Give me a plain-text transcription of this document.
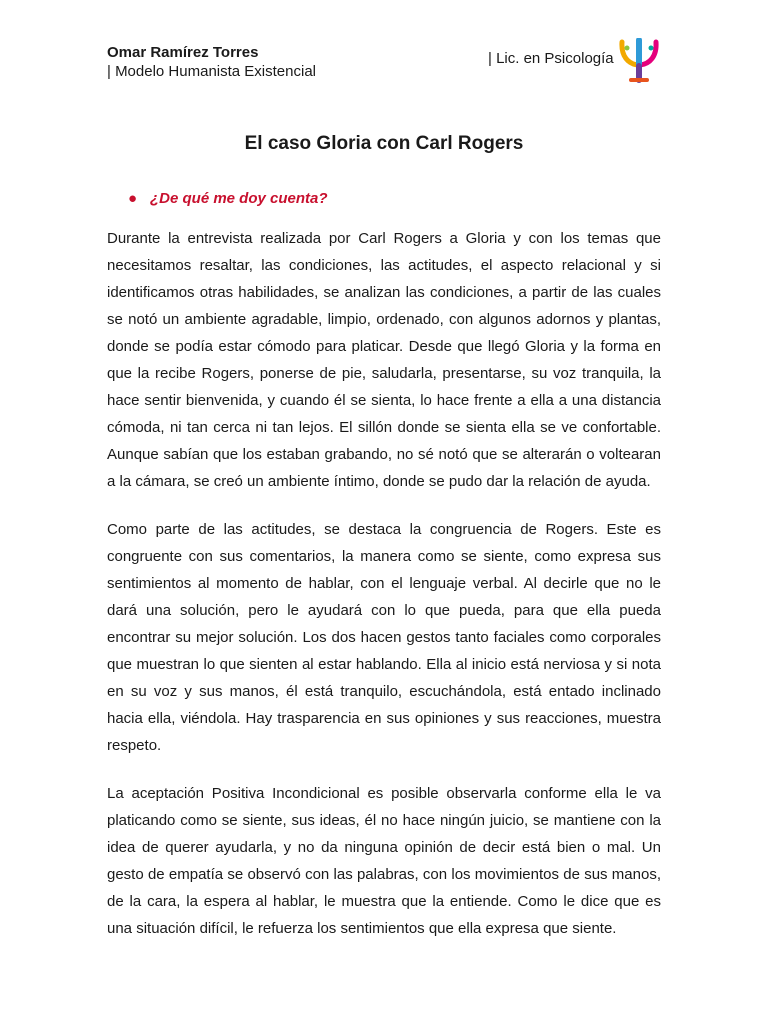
Omar Ramírez Torres
| Modelo Humanista Existencial
| Lic. en Psicología
El caso Gloria con Carl Rogers
● ¿De qué me doy cuenta?

Durante la entrevista realizada por Carl Rogers a Gloria y con los temas que necesitamos resaltar, las condiciones, las actitudes, el aspecto relacional y si identificamos otras habilidades, se analizan las condiciones, a partir de las cuales se notó un ambiente agradable, limpio, ordenado, con algunos adornos y plantas, donde se podía estar cómodo para platicar. Desde que llegó Gloria y la forma en que la recibe Rogers, ponerse de pie, saludarla, presentarse, su voz tranquila, la hace sentir bienvenida, y cuando él se sienta, lo hace frente a ella a una distancia cómoda, ni tan cerca ni tan lejos. El sillón donde se sienta ella se ve confortable. Aunque sabían que los estaban grabando, no sé notó que se alterarán o voltearan a la cámara, se creó un ambiente íntimo, donde se pudo dar la relación de ayuda.

Como parte de las actitudes, se destaca la congruencia de Rogers. Este es congruente con sus comentarios, la manera como se siente, como expresa sus sentimientos al momento de hablar, con el lenguaje verbal. Al decirle que no le dará una solución, pero le ayudará con lo que pueda, para que ella pueda encontrar su mejor solución. Los dos hacen gestos tanto faciales como corporales que muestran lo que sienten al estar hablando. Ella al inicio está nerviosa y si nota en su voz y sus manos, él está tranquilo, escuchándola, está entado inclinado hacia ella, viéndola. Hay trasparencia en sus opiniones y sus reacciones, muestra respeto.

La aceptación Positiva Incondicional es posible observarla conforme ella le va platicando como se siente, sus ideas, él no hace ningún juicio, se mantiene con la idea de querer ayudarla, y no da ninguna opinión de decir está bien o mal. Un gesto de empatía se observó con las palabras, con los movimientos de sus manos, de la cara, la espera al hablar, le muestra que la entiende. Como le dice que es una situación difícil, le refuerza los sentimientos que ella expresa que siente.
